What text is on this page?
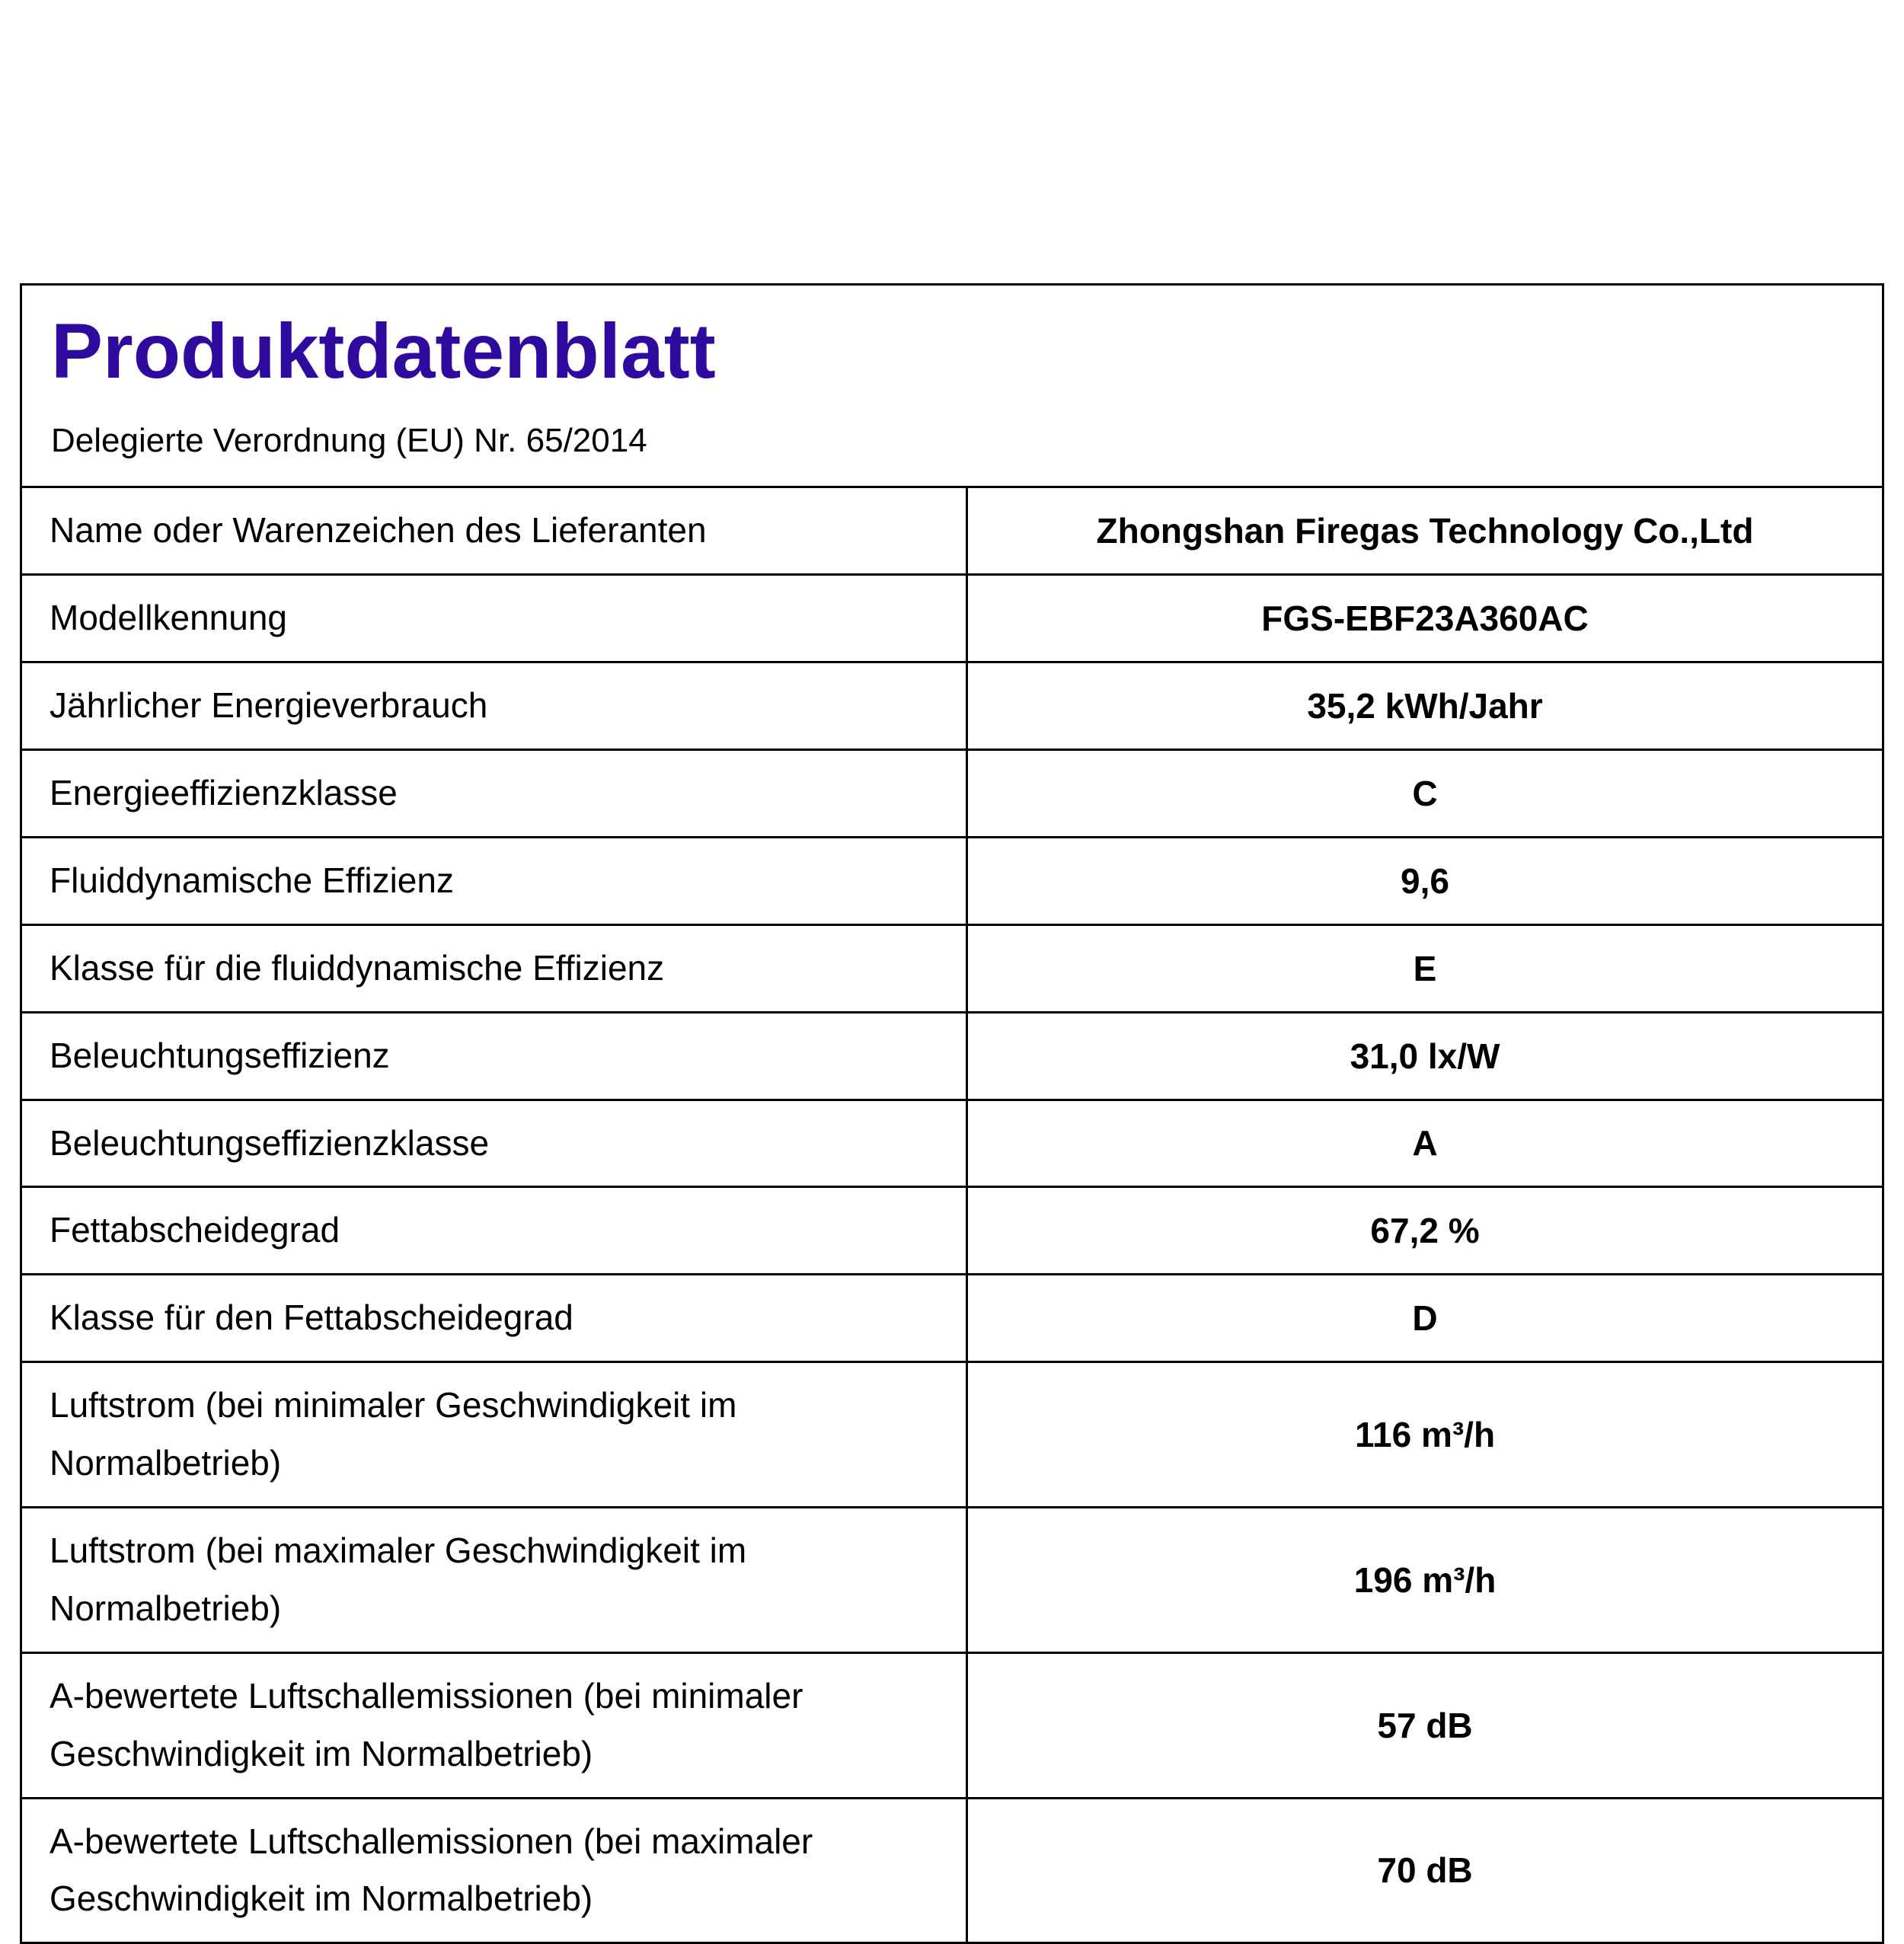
Produktdatenblatt
Delegierte Verordnung (EU) Nr. 65/2014
Name oder Warenzeichen des Lieferanten	Zhongshan Firegas Technology Co.,Ltd
Modellkennung	FGS-EBF23A360AC
Jährlicher Energieverbrauch	35,2 kWh/Jahr
Energieeffizienzklasse	C
Fluiddynamische Effizienz	9,6
Klasse für die fluiddynamische Effizienz	E
Beleuchtungseffizienz	31,0 lx/W
Beleuchtungseffizienzklasse	A
Fettabscheidegrad	67,2 %
Klasse für den Fettabscheidegrad	D
Luftstrom (bei minimaler Geschwindigkeit im Normalbetrieb)	116 m³/h
Luftstrom (bei maximaler Geschwindigkeit im Normalbetrieb)	196 m³/h
A-bewertete Luftschallemissionen (bei minimaler Geschwindigkeit im Normalbetrieb)	57 dB
A-bewertete Luftschallemissionen (bei maximaler Geschwindigkeit im Normalbetrieb)	70 dB
